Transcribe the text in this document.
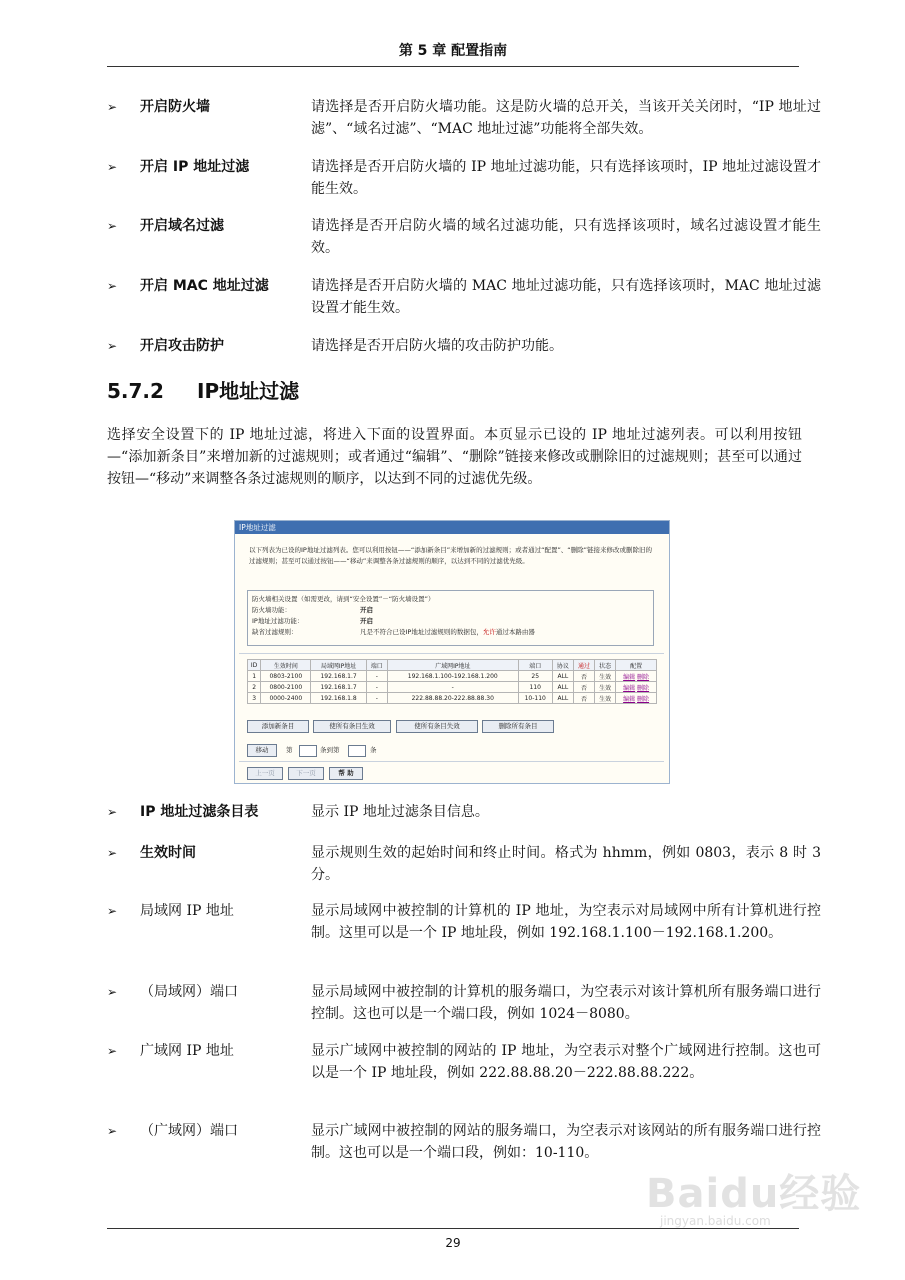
第 5 章 配置指南
➢ 开启防火墙	请选择是否开启防火墙功能。这是防火墙的总开关，当该开关关闭时，“IP 地址过滤”、“域名过滤”、“MAC 地址过滤”功能将全部失效。
➢ 开启 IP 地址过滤	请选择是否开启防火墙的 IP 地址过滤功能，只有选择该项时，IP 地址过滤设置才能生效。
➢ 开启域名过滤	请选择是否开启防火墙的域名过滤功能，只有选择该项时，域名过滤设置才能生效。
➢ 开启 MAC 地址过滤	请选择是否开启防火墙的 MAC 地址过滤功能，只有选择该项时，MAC 地址过滤设置才能生效。
➢ 开启攻击防护	请选择是否开启防火墙的攻击防护功能。
5.7.2 IP地址过滤
选择安全设置下的 IP 地址过滤，将进入下面的设置界面。本页显示已设的 IP 地址过滤列表。可以利用按钮—“添加新条目”来增加新的过滤规则；或者通过“编辑”、“删除”链接来修改或删除旧的过滤规则；甚至可以通过按钮—“移动”来调整各条过滤规则的顺序，以达到不同的过滤优先级。
IP地址过滤
以下列表为已设的IP地址过滤列表。您可以利用按钮——“添加新条目”来增加新的过滤规则；或者通过“配置”、“删除”链接来修改或删除旧的过滤规则；甚至可以通过按钮——“移动”来调整各条过滤规则的顺序，以达到不同的过滤优先级。
防火墙相关设置（如需更改，请到“安全设置”－“防火墙设置”）
防火墙功能：	开启
IP地址过滤功能：	开启
缺省过滤规则：	凡是不符合已设IP地址过滤规则的数据包，允许通过本路由器
ID	生效时间	局域网IP地址	端口	广域网IP地址	端口	协议	通过	状态	配置
1	0803-2100	192.168.1.7	-	192.168.1.100-192.168.1.200	25	ALL	否	生效	编辑 删除
2	0800-2100	192.168.1.7	-	-	110	ALL	否	生效	编辑 删除
3	0000-2400	192.168.1.8	-	222.88.88.20-222.88.88.30	10-110	ALL	否	生效	编辑 删除
添加新条目	使所有条目生效	使所有条目失效	删除所有条目
移动	第	条到第	条
上一页	下一页	帮 助
➢ IP 地址过滤条目表	显示 IP 地址过滤条目信息。
➢ 生效时间	显示规则生效的起始时间和终止时间。格式为 hhmm，例如 0803，表示 8 时 3 分。
➢ 局域网 IP 地址	显示局域网中被控制的计算机的 IP 地址，为空表示对局域网中所有计算机进行控制。这里可以是一个 IP 地址段，例如 192.168.1.100－192.168.1.200。
➢ （局域网）端口	显示局域网中被控制的计算机的服务端口，为空表示对该计算机所有服务端口进行控制。这也可以是一个端口段，例如 1024－8080。
➢ 广域网 IP 地址	显示广域网中被控制的网站的 IP 地址，为空表示对整个广域网进行控制。这也可以是一个 IP 地址段，例如 222.88.88.20－222.88.88.222。
➢ （广域网）端口	显示广域网中被控制的网站的服务端口，为空表示对该网站的所有服务端口进行控制。这也可以是一个端口段，例如：10-110。
Baidu经验
jingyan.baidu.com
29
